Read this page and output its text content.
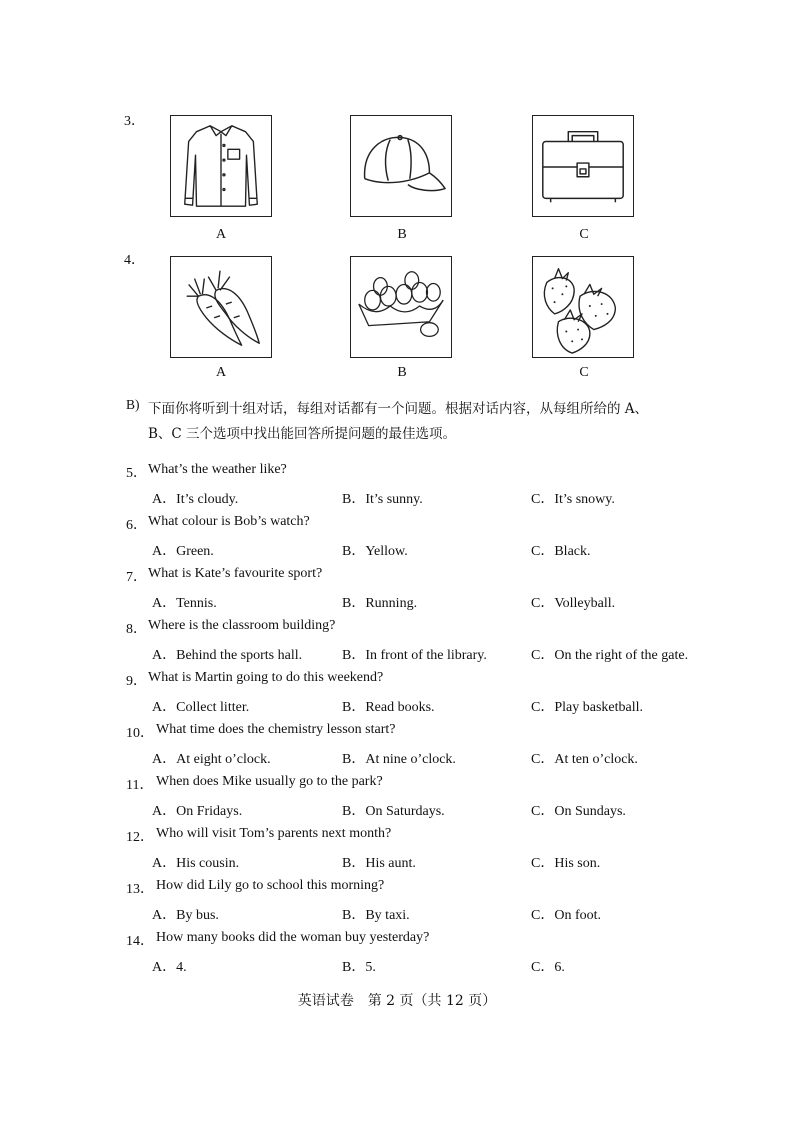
3．
A	B	C
4．
A	B	C
B) 下面你将听到十组对话，每组对话都有一个问题。根据对话内容，从每组所给的 A、
B、C 三个选项中找出能回答所提问题的最佳选项。
5． What’s the weather like?
A．It’s cloudy.	B．It’s sunny.	C．It’s snowy.
6． What colour is Bob’s watch?
A．Green.	B．Yellow.	C．Black.
7． What is Kate’s favourite sport?
A．Tennis.	B．Running.	C．Volleyball.
8． Where is the classroom building?
A．Behind the sports hall.	B．In front of the library.	C．On the right of the gate.
9． What is Martin going to do this weekend?
A．Collect litter.	B．Read books.	C．Play basketball.
10． What time does the chemistry lesson start?
A．At eight o’clock.	B．At nine o’clock.	C．At ten o’clock.
11． When does Mike usually go to the park?
A．On Fridays.	B．On Saturdays.	C．On Sundays.
12． Who will visit Tom’s parents next month?
A．His cousin.	B．His aunt.	C．His son.
13． How did Lily go to school this morning?
A．By bus.	B．By taxi.	C．On foot.
14． How many books did the woman buy yesterday?
A．4.	B．5.	C．6.
英语试卷　第 2 页（共 12 页）
